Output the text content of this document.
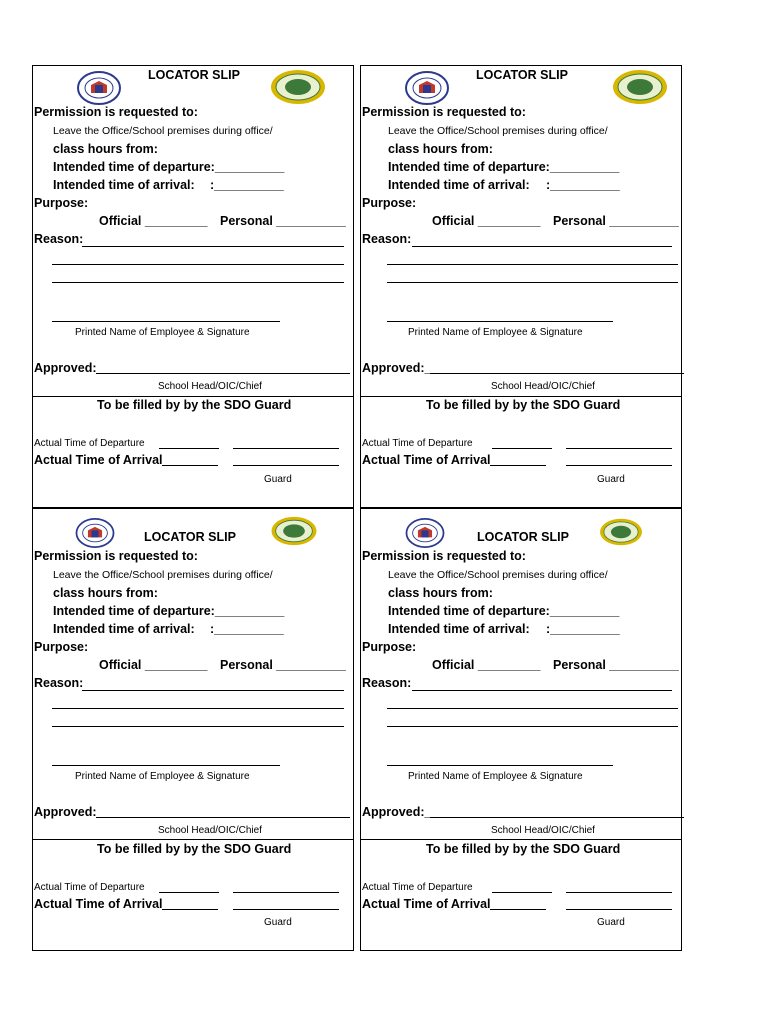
LOCATOR SLIP
Permission is requested to:
Leave the Office/School premises during office/
class hours from:
Intended time of departure:__________
Intended time of arrival: :__________
Purpose:
Official _________ Personal __________
Reason:
Printed Name of Employee & Signature
Approved:
School Head/OIC/Chief
To be filled by by the SDO Guard
Actual Time of Departure
Actual Time of Arrival
Guard
LOCATOR SLIP
Permission is requested to:
Leave the Office/School premises during office/
class hours from:
Intended time of departure:__________
Intended time of arrival: :__________
Purpose:
Official _________ Personal __________
Reason:
Printed Name of Employee & Signature
Approved:_
School Head/OIC/Chief
To be filled by by the SDO Guard
Actual Time of Departure
Actual Time of Arrival
Guard
LOCATOR SLIP
Permission is requested to:
Leave the Office/School premises during office/
class hours from:
Intended time of departure:__________
Intended time of arrival: :__________
Purpose:
Official _________ Personal __________
Reason:
Printed Name of Employee & Signature
Approved:
School Head/OIC/Chief
To be filled by by the SDO Guard
Actual Time of Departure
Actual Time of Arrival
Guard
LOCATOR SLIP
Permission is requested to:
Leave the Office/School premises during office/
class hours from:
Intended time of departure:__________
Intended time of arrival: :__________
Purpose:
Official _________ Personal __________
Reason:
Printed Name of Employee & Signature
Approved:_
School Head/OIC/Chief
To be filled by by the SDO Guard
Actual Time of Departure
Actual Time of Arrival
Guard
